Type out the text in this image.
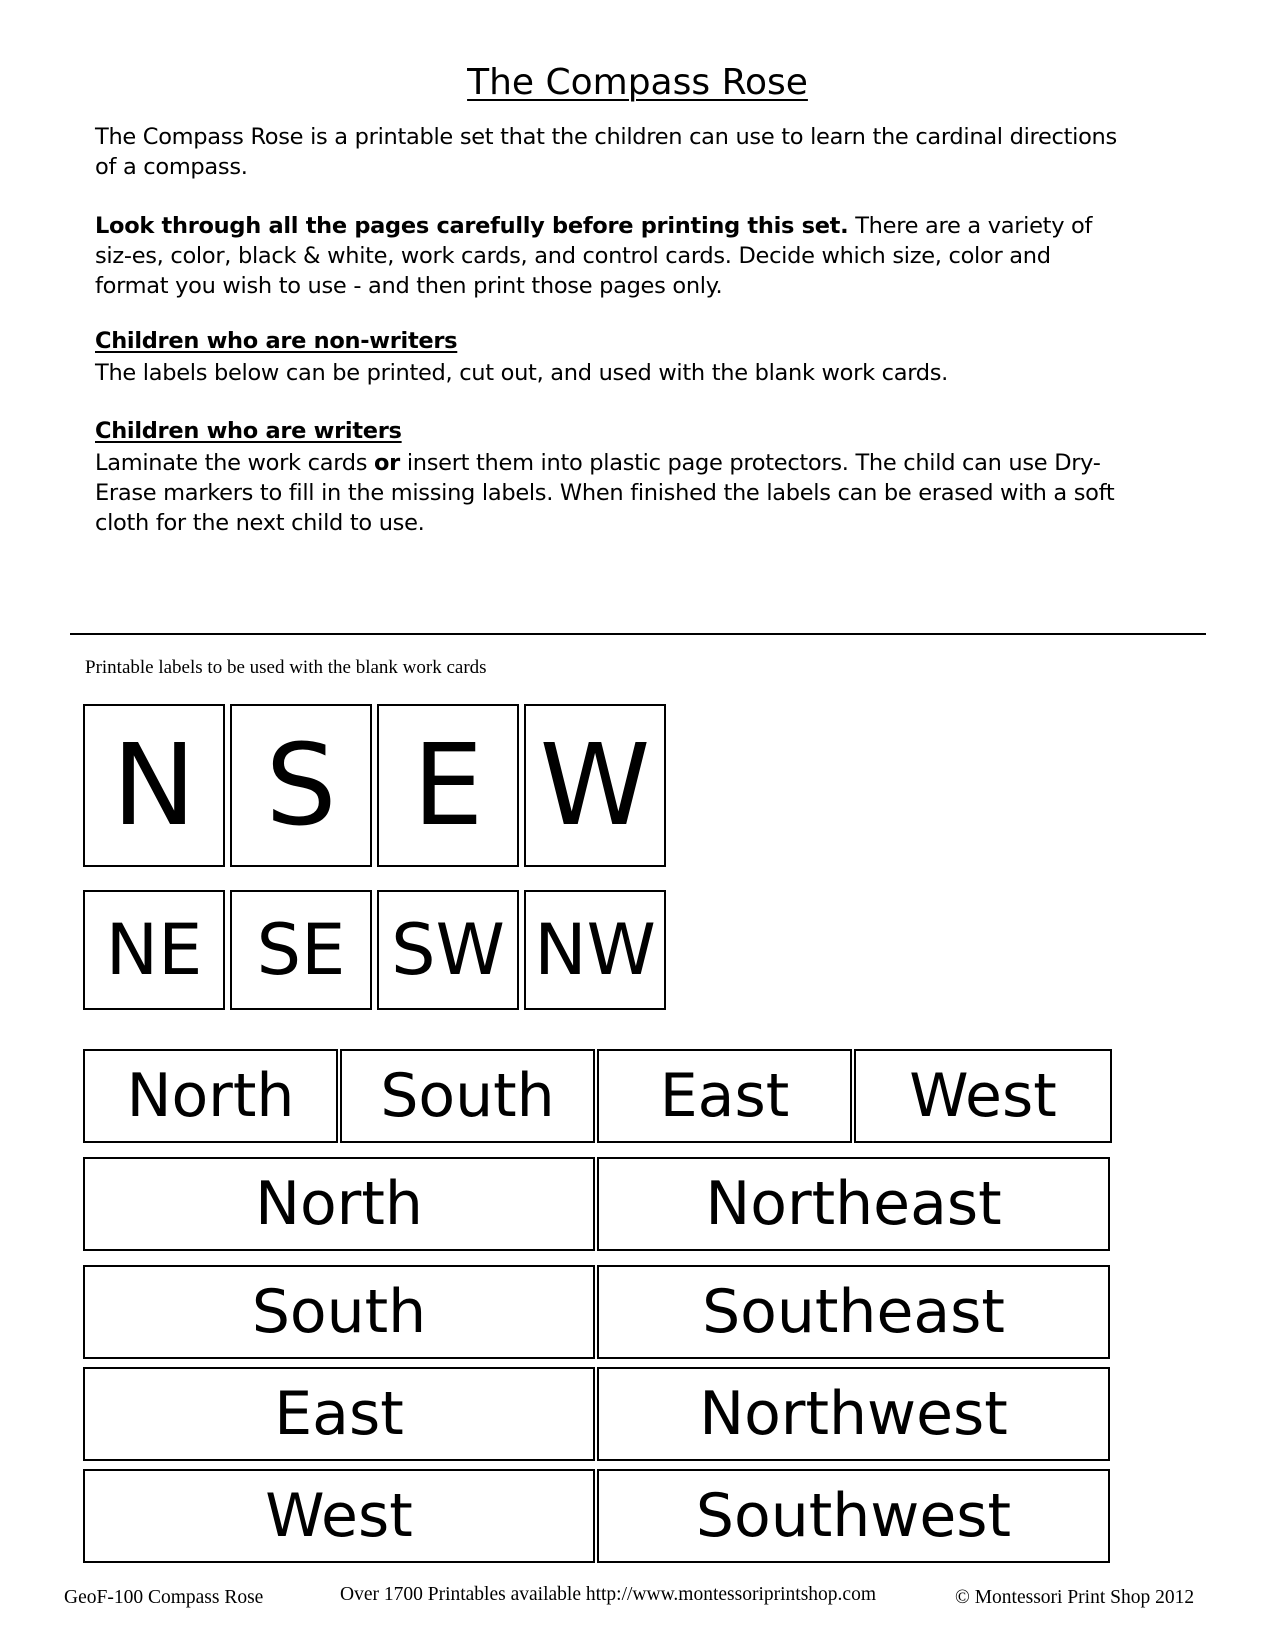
The Compass Rose

The Compass Rose is a printable set that the children can use to learn the cardinal directions of a compass.

Look through all the pages carefully before printing this set. There are a variety of siz-es, color, black & white, work cards, and control cards. Decide which size, color and format you wish to use - and then print those pages only.

Children who are non-writers

The labels below can be printed, cut out, and used with the blank work cards.

Children who are writers

Laminate the work cards or insert them into plastic page protectors. The child can use Dry-Erase markers to fill in the missing labels. When finished the labels can be erased with a soft cloth for the next child to use.

Printable labels to be used with the blank work cards

N S E W
NE SE SW NW
North	South	East	West
North	Northeast
South	Southeast
East	Northwest
West	Southwest

GeoF-100 Compass Rose	Over 1700 Printables available http://www.montessoriprintshop.com	© Montessori Print Shop 2012
